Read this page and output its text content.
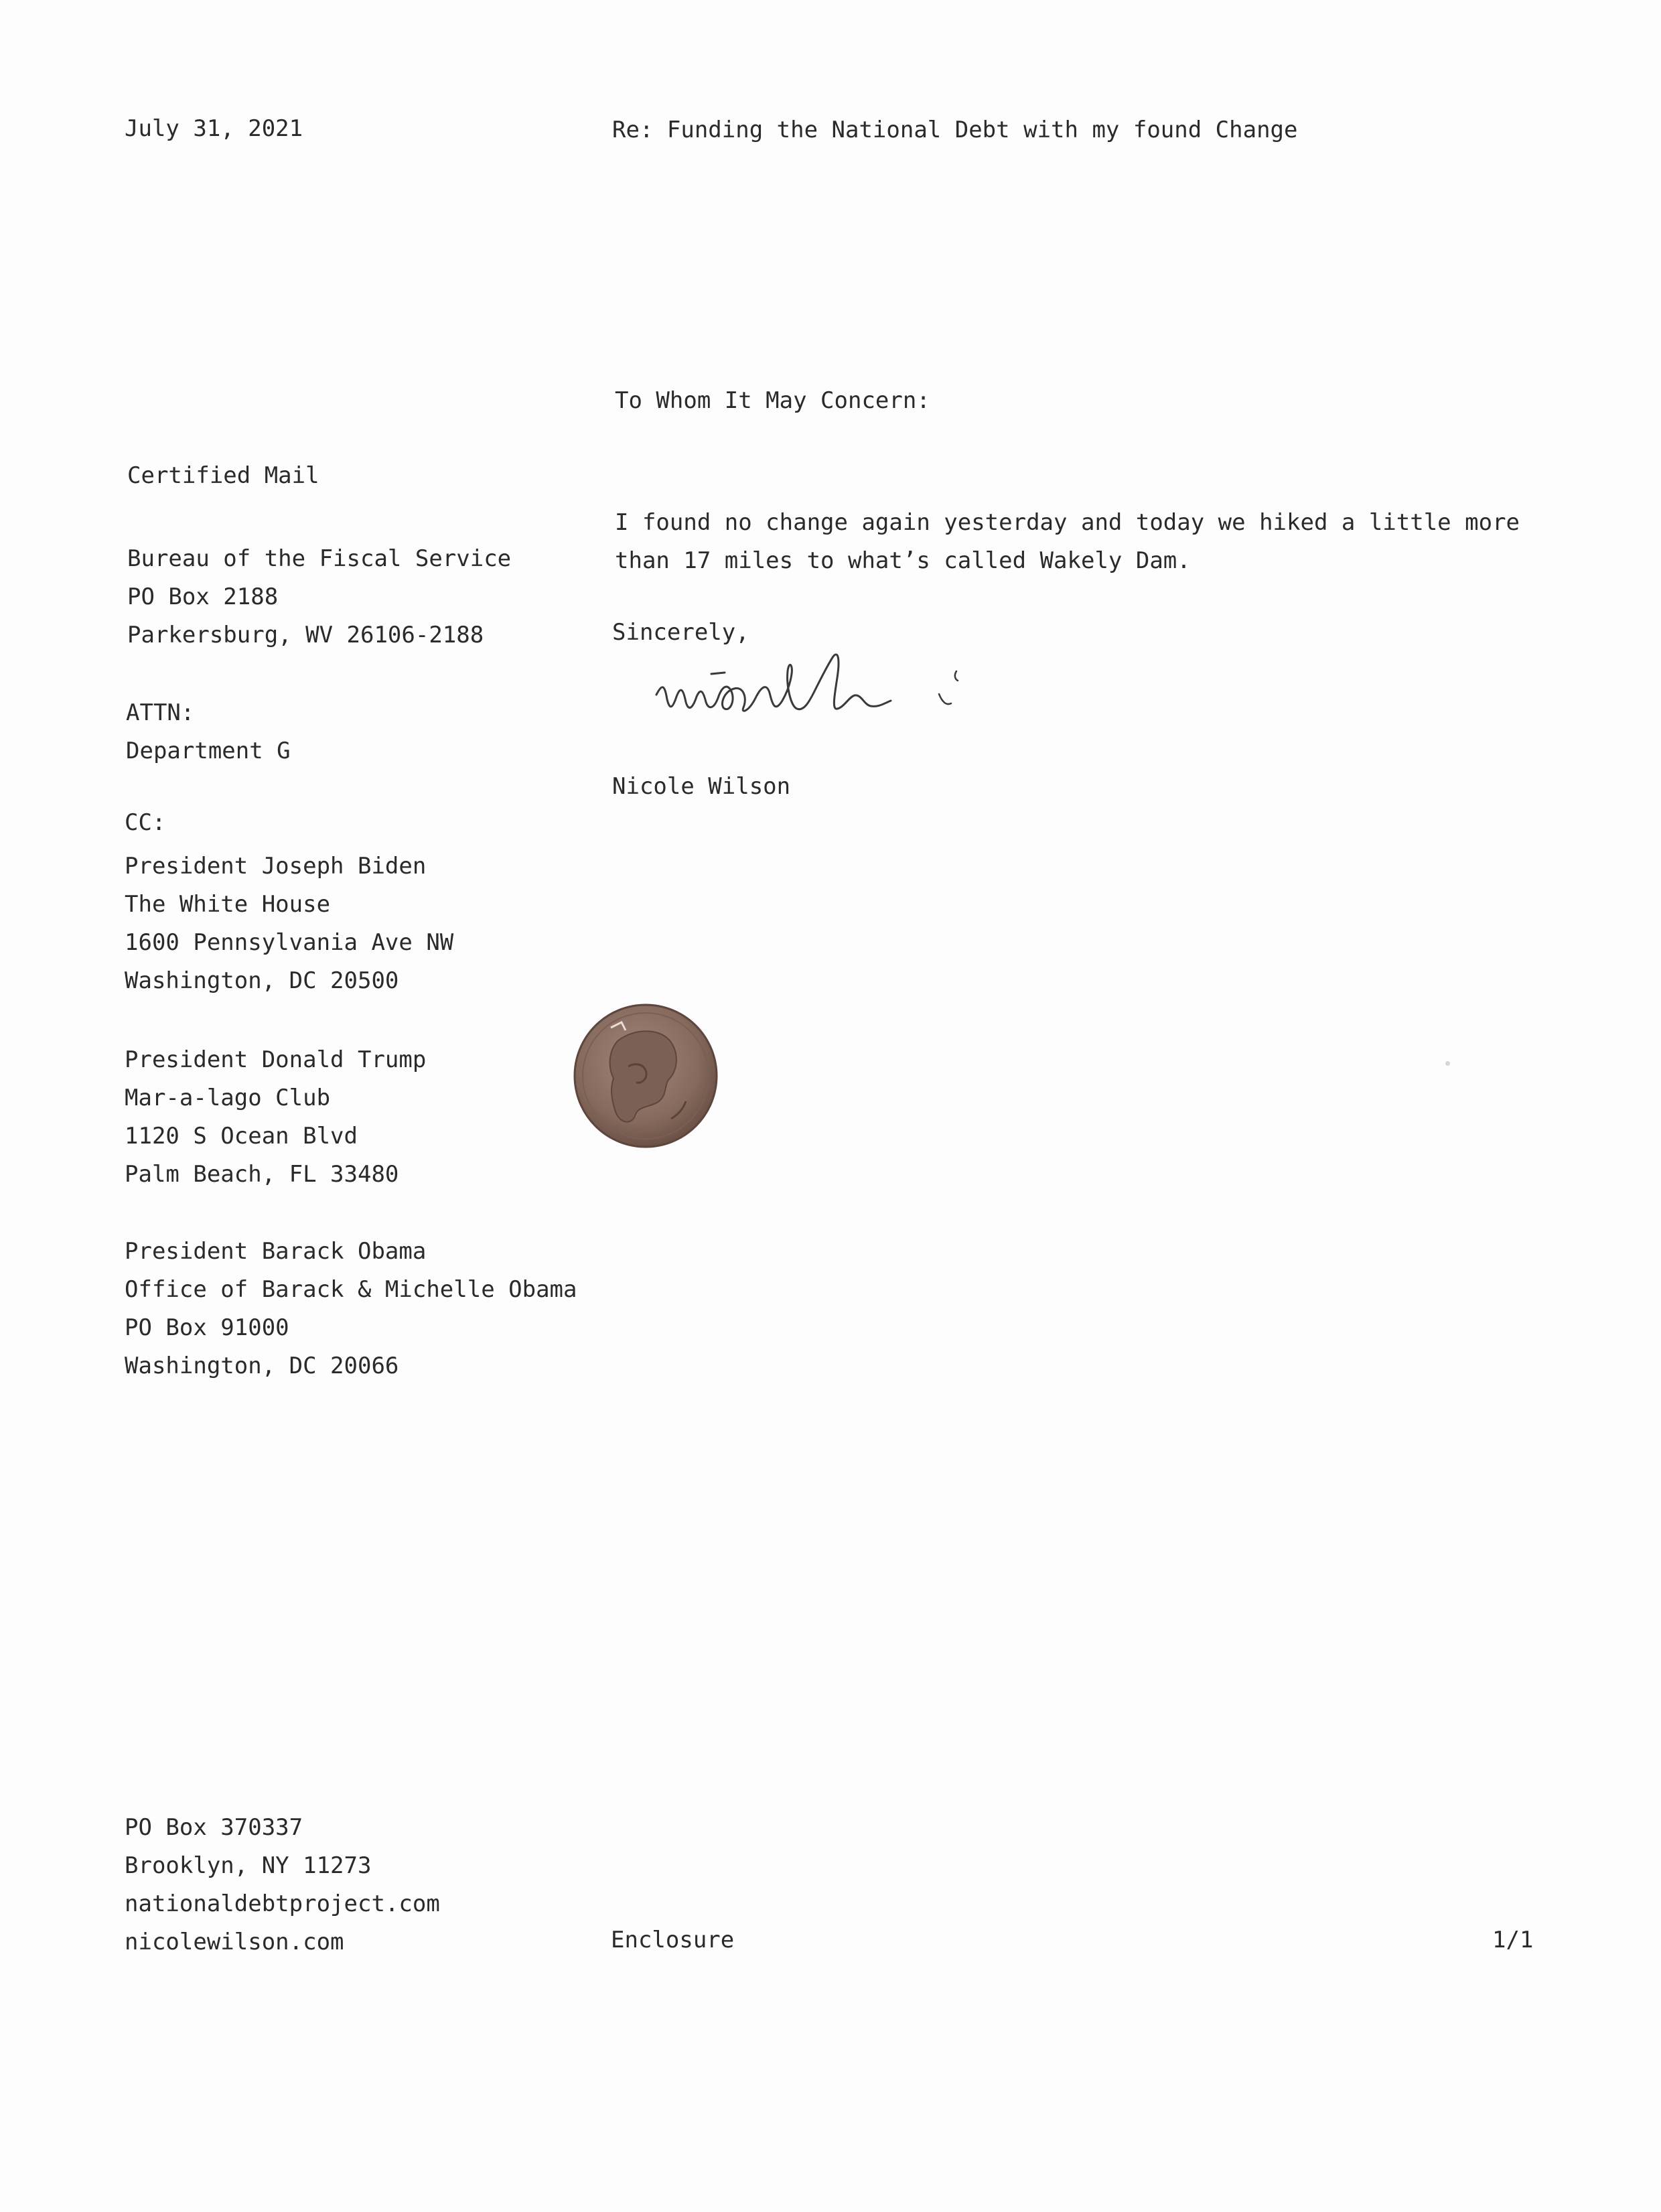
July 31, 2021	Re: Funding the National Debt with my found Change
To Whom It May Concern:
Certified Mail
Bureau of the Fiscal Service
PO Box 2188
Parkersburg, WV 26106-2188
ATTN:
Department G
CC:
President Joseph Biden
The White House
1600 Pennsylvania Ave NW
Washington, DC 20500
President Donald Trump
Mar-a-lago Club
1120 S Ocean Blvd
Palm Beach, FL 33480
President Barack Obama
Office of Barack & Michelle Obama
PO Box 91000
Washington, DC 20066
I found no change again yesterday and today we hiked a little more
than 17 miles to what’s called Wakely Dam.
Sincerely,
Nicole Wilson
PO Box 370337
Brooklyn, NY 11273
nationaldebtproject.com
nicolewilson.com	Enclosure	1/1
